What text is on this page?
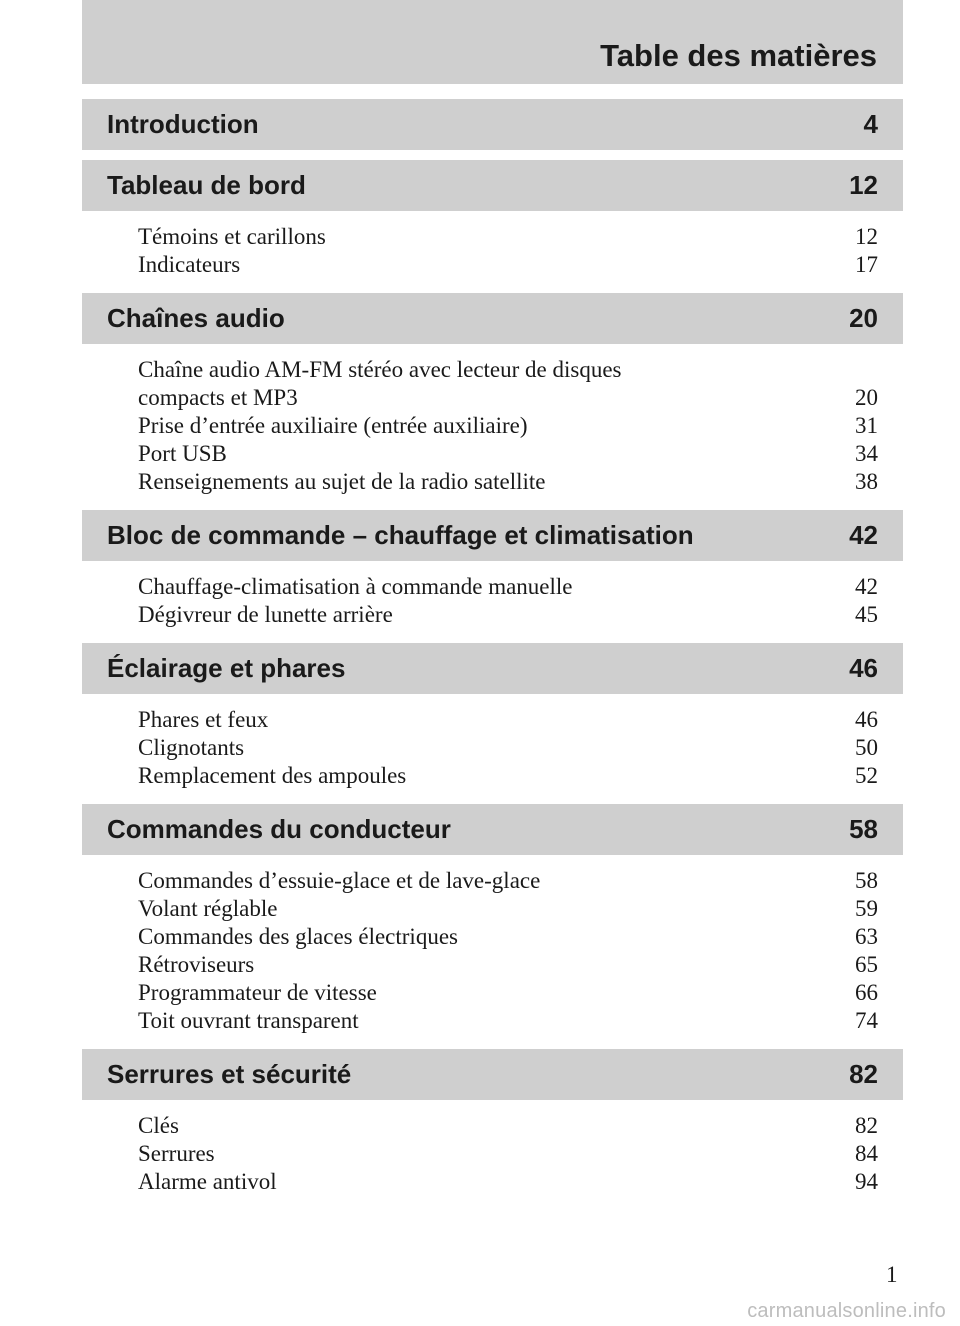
Table des matières
Introduction	4
Tableau de bord	12
Témoins et carillons	12
Indicateurs	17
Chaînes audio	20
Chaîne audio AM-FM stéréo avec lecteur de disques
compacts et MP3	20
Prise d’entrée auxiliaire (entrée auxiliaire)	31
Port USB	34
Renseignements au sujet de la radio satellite	38
Bloc de commande – chauffage et climatisation	42
Chauffage-climatisation à commande manuelle	42
Dégivreur de lunette arrière	45
Éclairage et phares	46
Phares et feux	46
Clignotants	50
Remplacement des ampoules	52
Commandes du conducteur	58
Commandes d’essuie-glace et de lave-glace	58
Volant réglable	59
Commandes des glaces électriques	63
Rétroviseurs	65
Programmateur de vitesse	66
Toit ouvrant transparent	74
Serrures et sécurité	82
Clés	82
Serrures	84
Alarme antivol	94
1
carmanualsonline.info
